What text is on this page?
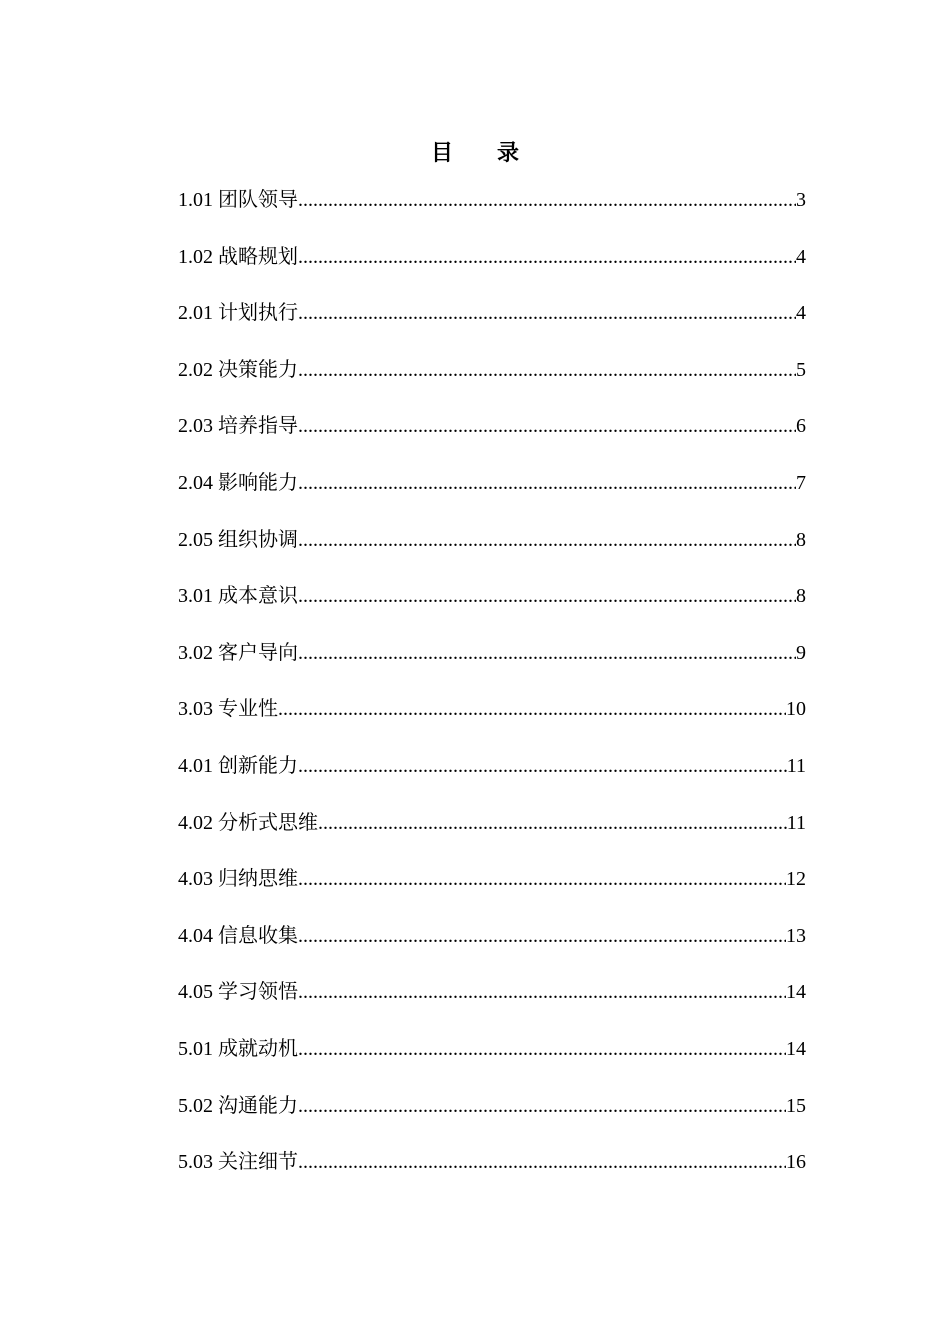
目 录
1.01 团队领导 .....	3
1.02 战略规划 .....	4
2.01 计划执行 .....	4
2.02 决策能力 .....	5
2.03 培养指导 .....	6
2.04 影响能力 .....	7
2.05 组织协调 .....	8
3.01 成本意识 .....	8
3.02 客户导向 .....	9
3.03 专业性 .....	10
4.01 创新能力 .....	11
4.02 分析式思维 .....	11
4.03 归纳思维 .....	12
4.04 信息收集 .....	13
4.05 学习领悟 .....	14
5.01 成就动机 .....	14
5.02 沟通能力 .....	15
5.03 关注细节 .....	16
